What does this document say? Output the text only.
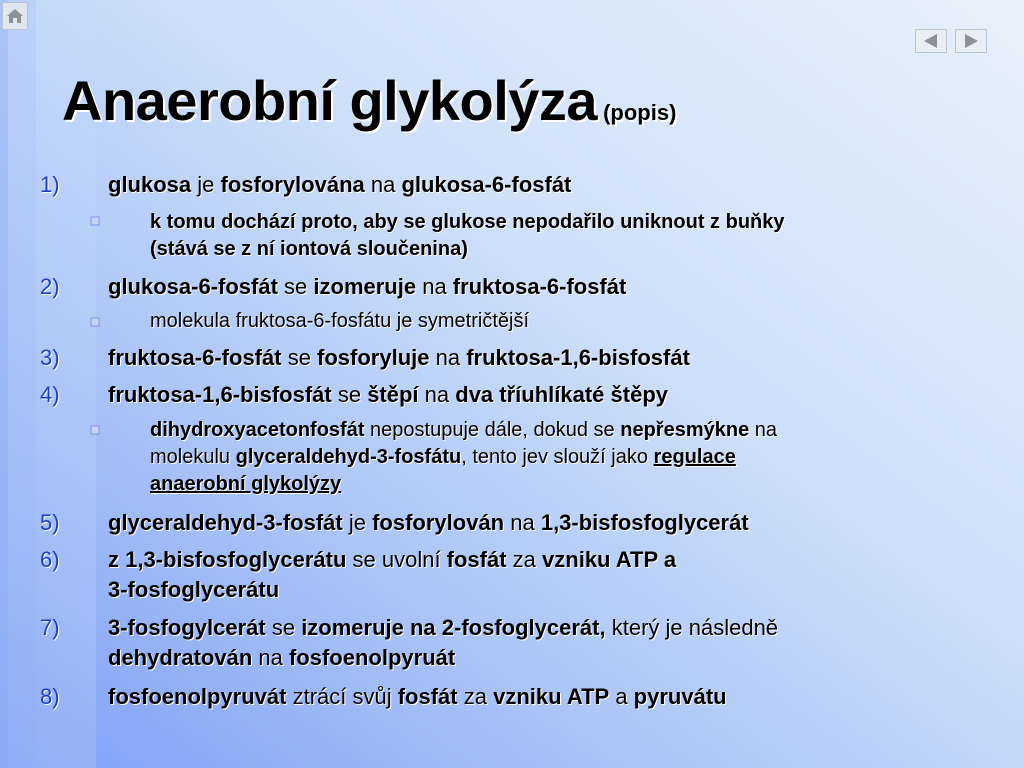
Anaerobní glykolýza (popis)
1) glukosa je fosforylována na glukosa-6-fosfát
k tomu dochází proto, aby se glukose nepodařilo uniknout z buňky
(stává se z ní iontová sloučenina)
2) glukosa-6-fosfát se izomeruje na fruktosa-6-fosfát
molekula fruktosa-6-fosfátu je symetričtější
3) fruktosa-6-fosfát se fosforyluje na fruktosa-1,6-bisfosfát
4) fruktosa-1,6-bisfosfát se štěpí na dva tříuhlíkaté štěpy
dihydroxyacetonfosfát nepostupuje dále, dokud se nepřesmýkne na
molekulu glyceraldehyd-3-fosfátu, tento jev slouží jako regulace
anaerobní glykolýzy
5) glyceraldehyd-3-fosfát je fosforylován na 1,3-bisfosfoglycerát
6) z 1,3-bisfosfoglycerátu se uvolní fosfát za vzniku ATP a
3-fosfoglycerátu
7) 3-fosfogylcerát se izomeruje na 2-fosfoglycerát, který je následně
dehydratován na fosfoenolpyruát
8) fosfoenolpyruvát ztrácí svůj fosfát za vzniku ATP a pyruvátu
